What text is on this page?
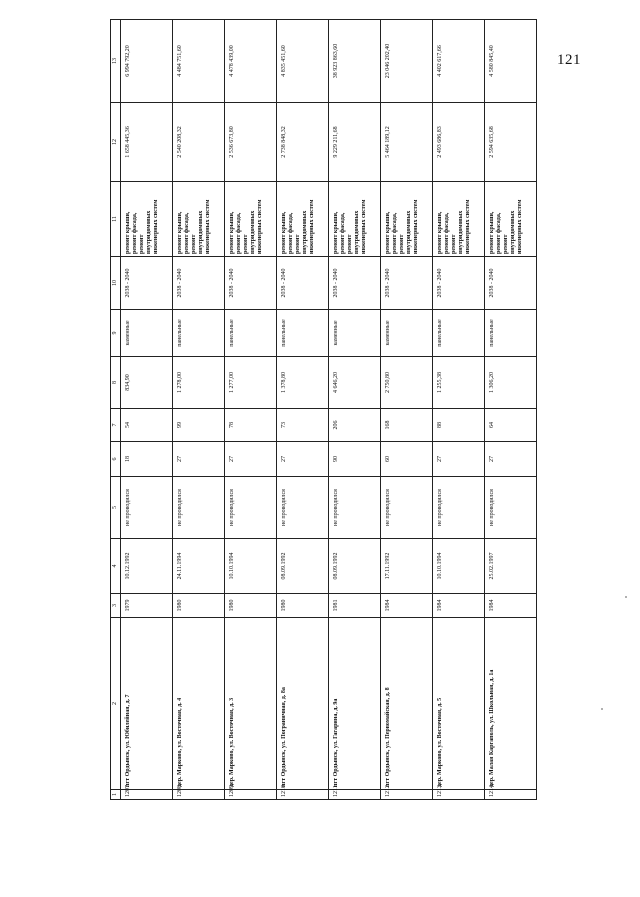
121
1	2	3	4	5	6	7	8	9	10	11	12	13
1207.	пгт Ордынск, ул. Юбилейная, д. 7	1979	10.12.1992	не проводился	18	54	834,90	каменные	2038 - 2040	ремонт крыши,
ремонт фасада,
ремонт
внутридомовых
инженерных систем	1 658 445,36	6 994 792,20
1208.	дер. Марково, ул. Восточная, д. 4	1980	24.11.1994	не проводился	27	99	1 278,00	панельные	2038 - 2040	ремонт крыши,
ремонт фасада,
ремонт
внутридомовых
инженерных систем	2 540 208,32	4 484 751,60
1209.	дер. Марково, ул. Восточная, д. 3	1980	10.10.1994	не проводился	27	78	1 277,00	панельные	2038 - 2040	ремонт крыши,
ремонт фасада,
ремонт
внутридомовых
инженерных систем	2 536 673,80	4 478 439,00
1210.	пгт Ордынск, ул. Пограничная, д. 8а	1980	08.09.1992	не проводился	27	73	1 378,80	панельные	2038 - 2040	ремонт крыши,
ремонт фасада,
ремонт
внутридомовых
инженерных систем	2 738 848,32	4 835 451,60
1211.	пгт Ордынск, ул. Гагарина, д. 9а	1981	08.09.1992	не проводился	90	206	4 646,20	каменные	2038 - 2040	ремонт крыши,
ремонт фасада,
ремонт
внутридомовых
инженерных систем	9 229 211,68	38 923 863,60
1212.	пгт Ордынск, ул. Первомайская, д. 8	1984	17.11.1992	не проводился	60	168	2 750,80	каменные	2038 - 2040	ремонт крыши,
ремонт фасада,
ремонт
внутридомовых
инженерных систем	5 464 189,12	23 046 202,40
1213.	дер. Марково, ул. Восточная, д. 5	1984	10.10.1994	не проводился	27	88	1 255,38	панельные	2038 - 2040	ремонт крыши,
ремонт фасада,
ремонт
внутридомовых
инженерных систем	2 493 686,83	4 402 617,66
1214.	дер. Малая Каргаполь, ул. Школьная, д. 1а	1984	25.02.1997	не проводился	27	64	1 306,20	панельные	2038 - 2040	ремонт крыши,
ремонт фасада,
ремонт
внутридомовых
инженерных систем	2 594 635,68	4 580 845,40
